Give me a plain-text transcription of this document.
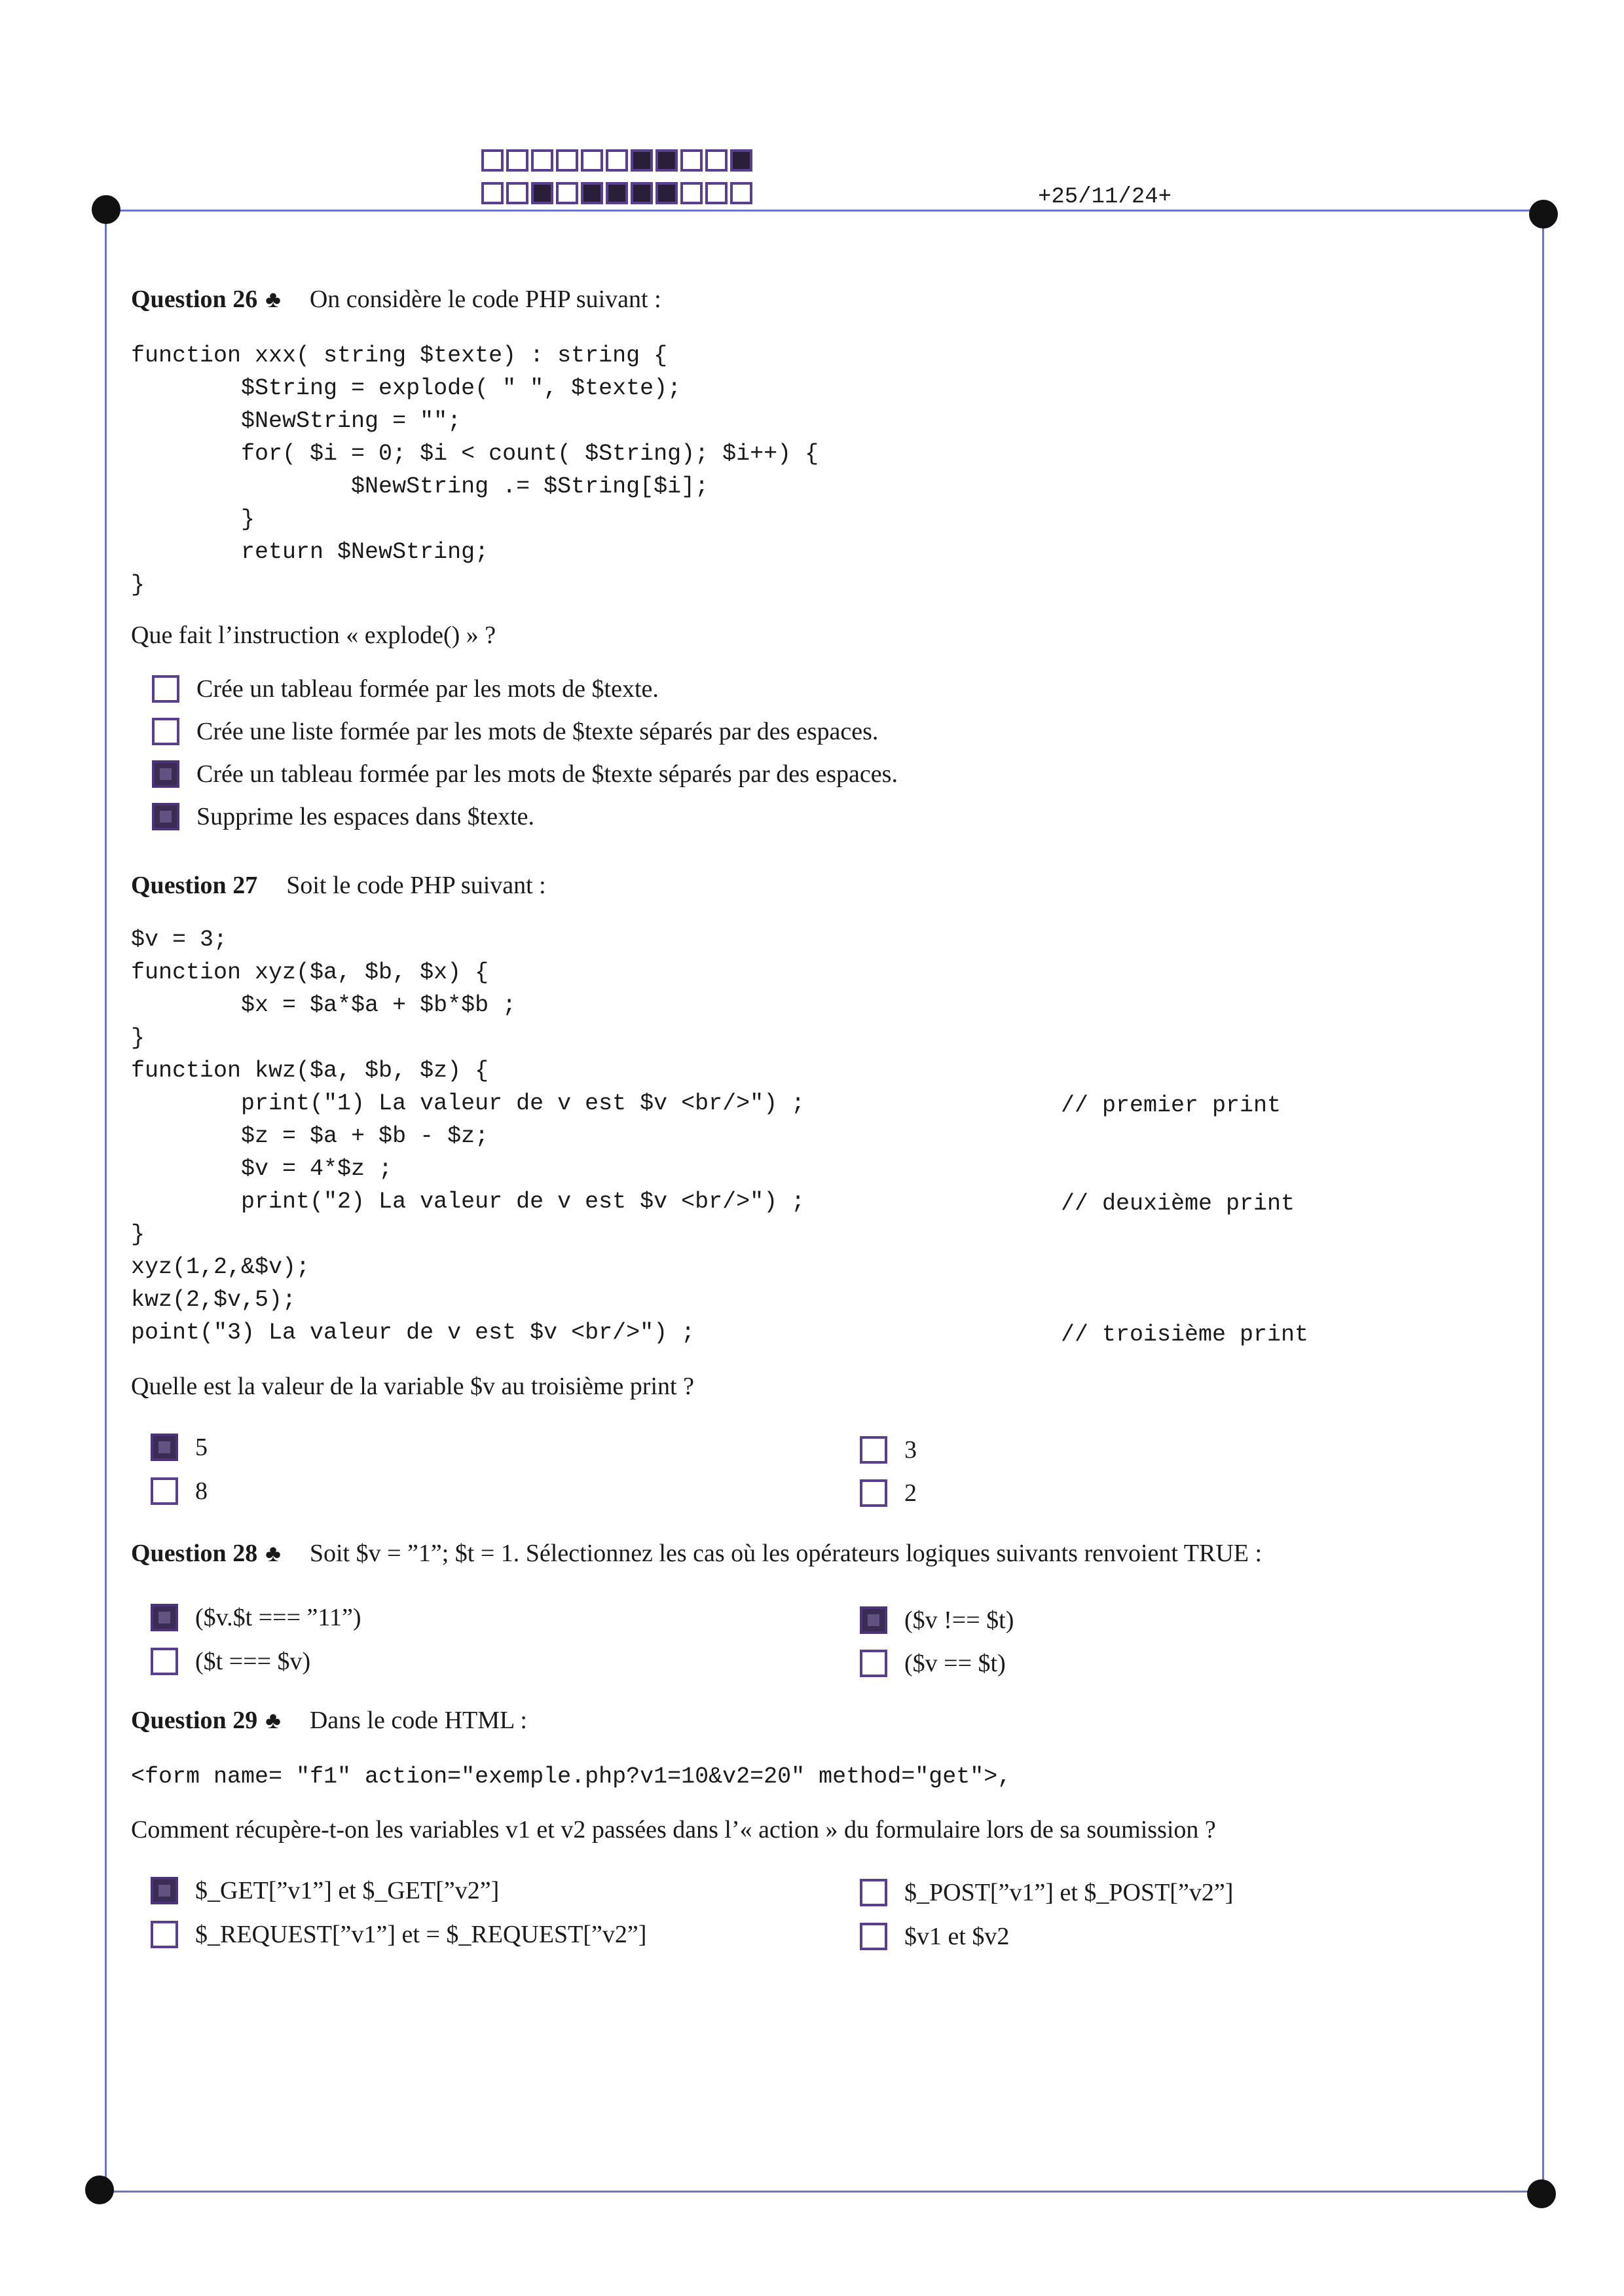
+25/11/24+
Question 26 ♣ On considère le code PHP suivant :
function xxx( string $texte) : string {
$String = explode( " ", $texte);
$NewString = "";
for( $i = 0; $i < count( $String); $i++) {
$NewString .= $String[$i];
}
return $NewString;
}
Que fait l’instruction « explode() » ?
Crée un tableau formée par les mots de $texte.
Crée une liste formée par les mots de $texte séparés par des espaces.
Crée un tableau formée par les mots de $texte séparés par des espaces.
Supprime les espaces dans $texte.
Question 27 Soit le code PHP suivant :
$v = 3;
function xyz($a, $b, $x) {
$x = $a*$a + $b*$b ;
}
function kwz($a, $b, $z) {
print("1) La valeur de v est $v <br/>") ;
$z = $a + $b - $z;
$v = 4*$z ;
print("2) La valeur de v est $v <br/>") ;
}
xyz(1,2,&$v);
kwz(2,$v,5);
point("3) La valeur de v est $v <br/>") ;
// premier print
// deuxième print
// troisième print
Quelle est la valeur de la variable $v au troisième print ?
5	3
8	2
Question 28 ♣ Soit $v = ”1”; $t = 1. Sélectionnez les cas où les opérateurs logiques suivants renvoient TRUE :
($v.$t === ”11”)	($v !== $t)
($t === $v)	($v == $t)
Question 29 ♣ Dans le code HTML :
<form name= "f1" action="exemple.php?v1=10&v2=20" method="get">,
Comment récupère-t-on les variables v1 et v2 passées dans l’« action » du formulaire lors de sa soumission ?
$_GET[”v1”] et $_GET[”v2”]	$_POST[”v1”] et $_POST[”v2”]
$_REQUEST[”v1”] et = $_REQUEST[”v2”]	$v1 et $v2
